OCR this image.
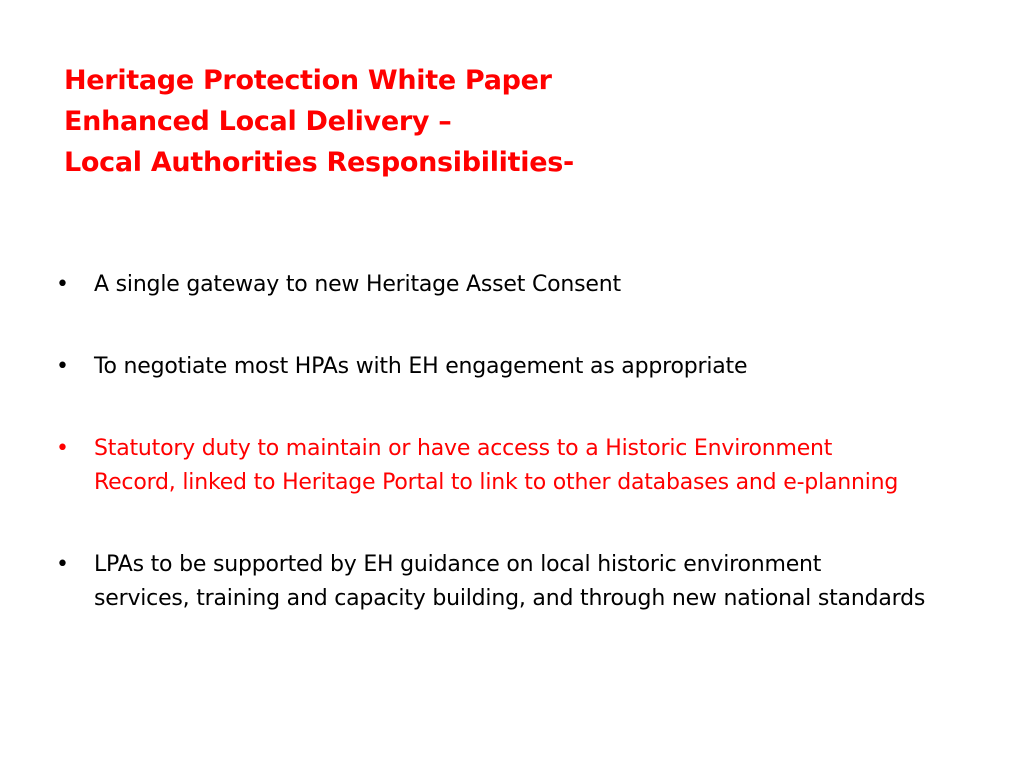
Heritage Protection White Paper
Enhanced Local Delivery –
Local Authorities Responsibilities-
• A single gateway to new Heritage Asset Consent
• To negotiate most HPAs with EH engagement as appropriate
• Statutory duty to maintain or have access to a Historic Environment
Record, linked to Heritage Portal to link to other databases and e-planning
• LPAs to be supported by EH guidance on local historic environment
services, training and capacity building, and through new national standards
